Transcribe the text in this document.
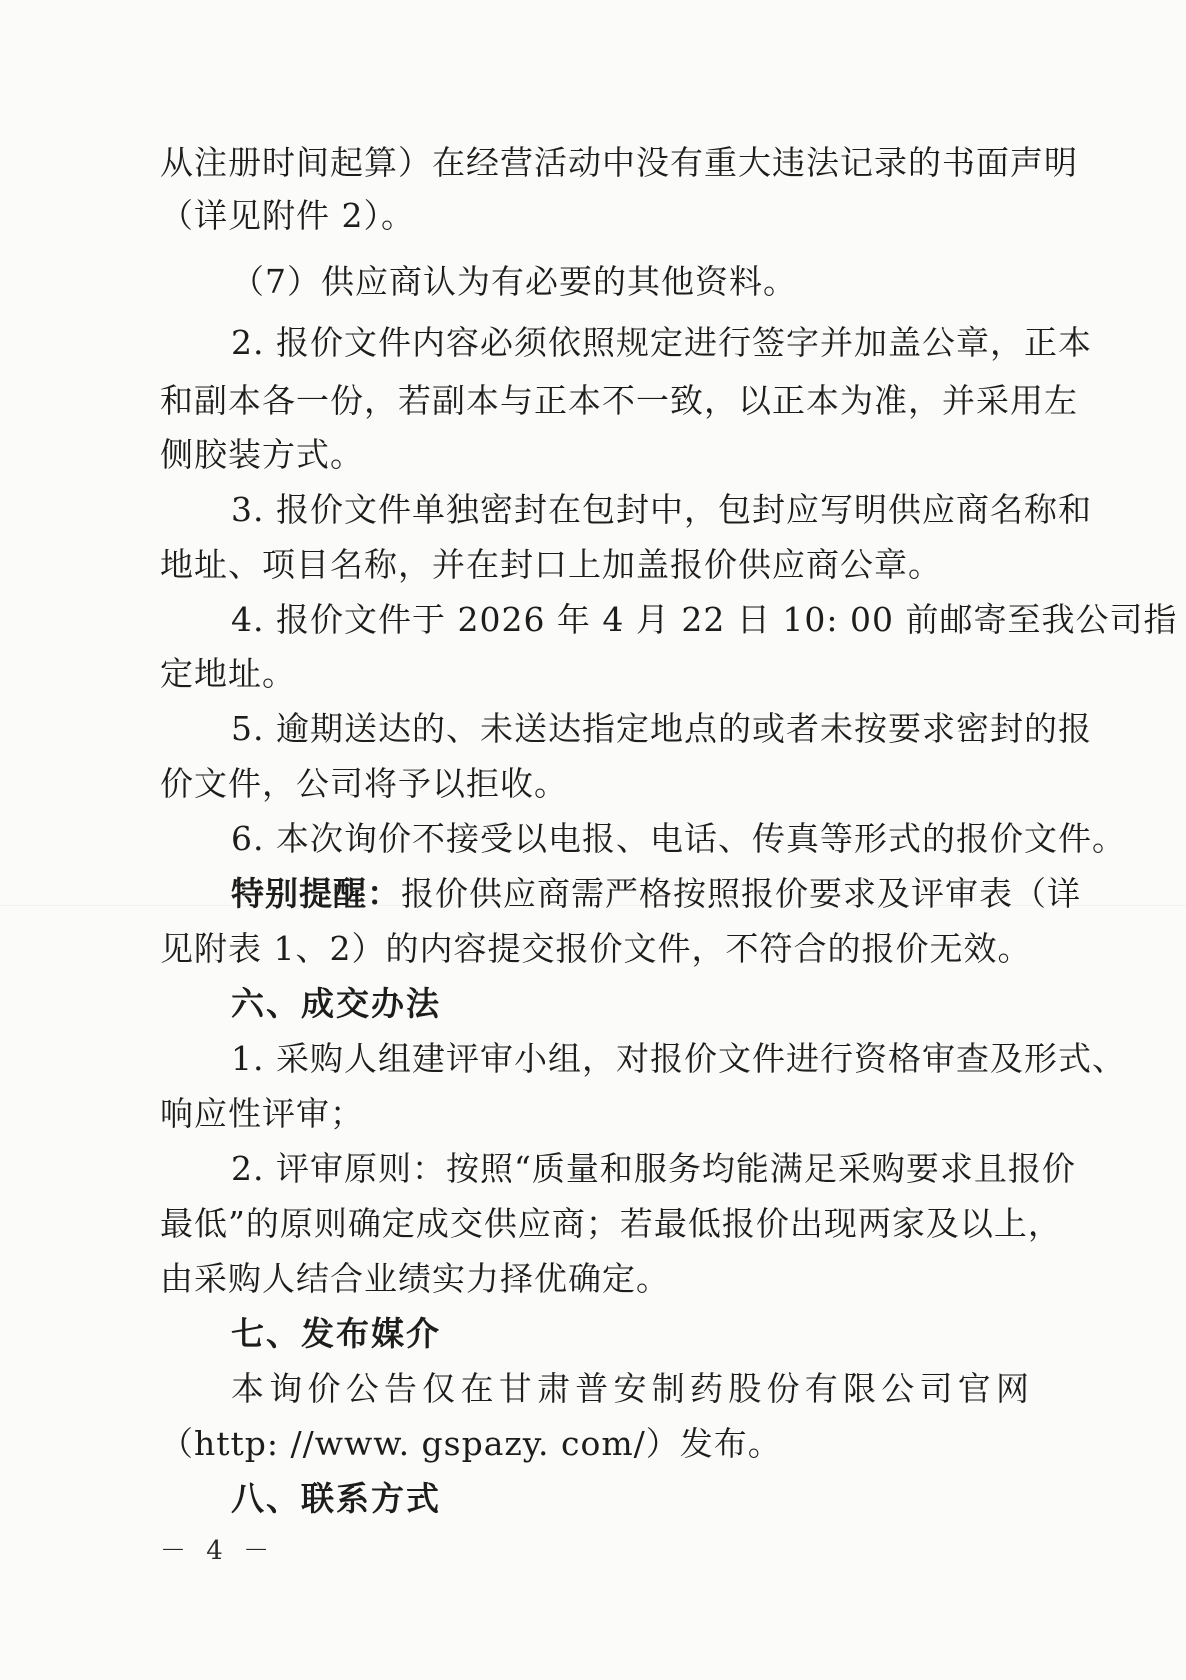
从注册时间起算）在经营活动中没有重大违法记录的书面声明
（详见附件 2）。
（7）供应商认为有必要的其他资料。
2. 报价文件内容必须依照规定进行签字并加盖公章，正本
和副本各一份，若副本与正本不一致，以正本为准，并采用左
侧胶装方式。
3. 报价文件单独密封在包封中，包封应写明供应商名称和
地址、项目名称，并在封口上加盖报价供应商公章。
4. 报价文件于 2026 年 4 月 22 日 10: 00 前邮寄至我公司指
定地址。
5. 逾期送达的、未送达指定地点的或者未按要求密封的报
价文件，公司将予以拒收。
6. 本次询价不接受以电报、电话、传真等形式的报价文件。
特别提醒：报价供应商需严格按照报价要求及评审表（详
见附表 1、2）的内容提交报价文件，不符合的报价无效。
六、成交办法
1. 采购人组建评审小组，对报价文件进行资格审查及形式、
响应性评审；
2. 评审原则：按照“质量和服务均能满足采购要求且报价
最低”的原则确定成交供应商；若最低报价出现两家及以上，
由采购人结合业绩实力择优确定。
七、发布媒介
本询价公告仅在甘肃普安制药股份有限公司官网
（http: //www. gspazy. com/）发布。
八、联系方式
－ 4 －
